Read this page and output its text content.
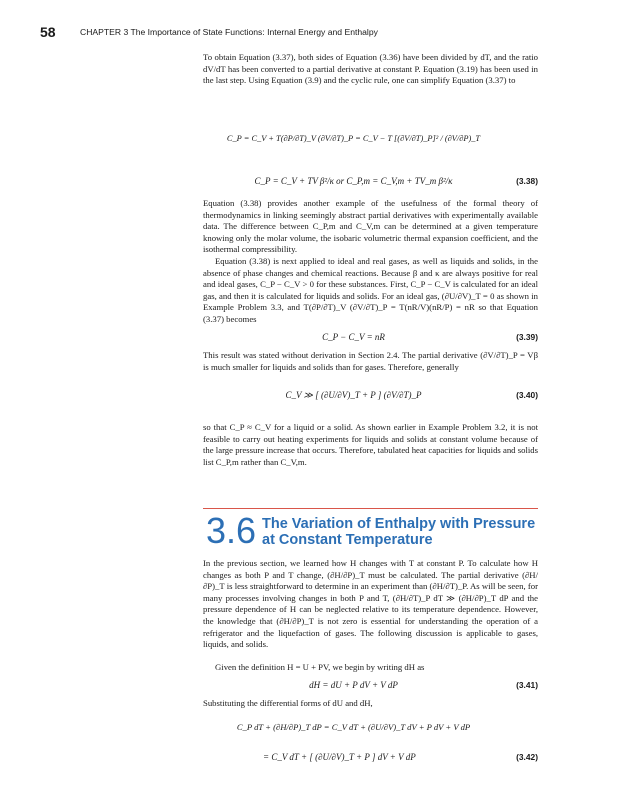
58	CHAPTER 3 The Importance of State Functions: Internal Energy and Enthalpy

To obtain Equation (3.37), both sides of Equation (3.36) have been divided by dT, and the ratio dV/dT has been converted to a partial derivative at constant P. Equation (3.19) has been used in the last step. Using Equation (3.9) and the cyclic rule, one can simplify Equation (3.37) to

C_P = C_V + T(∂P/∂T)_V (∂V/∂T)_P = C_V − T [(∂V/∂T)_P]² / (∂V/∂P)_T
C_P = C_V + TV β²/κ or C_P,m = C_V,m + TV_m β²/κ	(3.38)

Equation (3.38) provides another example of the usefulness of the formal theory of thermodynamics in linking seemingly abstract partial derivatives with experimentally available data. The difference between C_P,m and C_V,m can be determined at a given temperature knowing only the molar volume, the isobaric volumetric thermal expansion coefficient, and the isothermal compressibility.

Equation (3.38) is next applied to ideal and real gases, as well as liquids and solids, in the absence of phase changes and chemical reactions. Because β and κ are always positive for real and ideal gases, C_P − C_V > 0 for these substances. First, C_P − C_V is calculated for an ideal gas, and then it is calculated for liquids and solids. For an ideal gas, (∂U/∂V)_T = 0 as shown in Example Problem 3.3, and T(∂P/∂T)_V (∂V/∂T)_P = T(nR/V)(nR/P) = nR so that Equation (3.37) becomes

C_P − C_V = nR	(3.39)

This result was stated without derivation in Section 2.4. The partial derivative (∂V/∂T)_P = Vβ is much smaller for liquids and solids than for gases. Therefore, generally

C_V ≫ [ (∂U/∂V)_T + P ] (∂V/∂T)_P	(3.40)

so that C_P ≈ C_V for a liquid or a solid. As shown earlier in Example Problem 3.2, it is not feasible to carry out heating experiments for liquids and solids at constant volume because of the large pressure increase that occurs. Therefore, tabulated heat capacities for liquids and solids list C_P,m rather than C_V,m.

3.6 The Variation of Enthalpy with Pressure at Constant Temperature

In the previous section, we learned how H changes with T at constant P. To calculate how H changes as both P and T change, (∂H/∂P)_T must be calculated. The partial derivative (∂H/∂P)_T is less straightforward to determine in an experiment than (∂H/∂T)_P. As will be seen, for many processes involving changes in both P and T, (∂H/∂T)_P dT ≫ (∂H/∂P)_T dP and the pressure dependence of H can be neglected relative to its temperature dependence. However, the knowledge that (∂H/∂P)_T is not zero is essential for understanding the operation of a refrigerator and the liquefaction of gases. The following discussion is applicable to gases, liquids, and solids.

Given the definition H = U + PV, we begin by writing dH as

dH = dU + P dV + V dP	(3.41)

Substituting the differential forms of dU and dH,

C_P dT + (∂H/∂P)_T dP = C_V dT + (∂U/∂V)_T dV + P dV + V dP
= C_V dT + [ (∂U/∂V)_T + P ] dV + V dP	(3.42)
